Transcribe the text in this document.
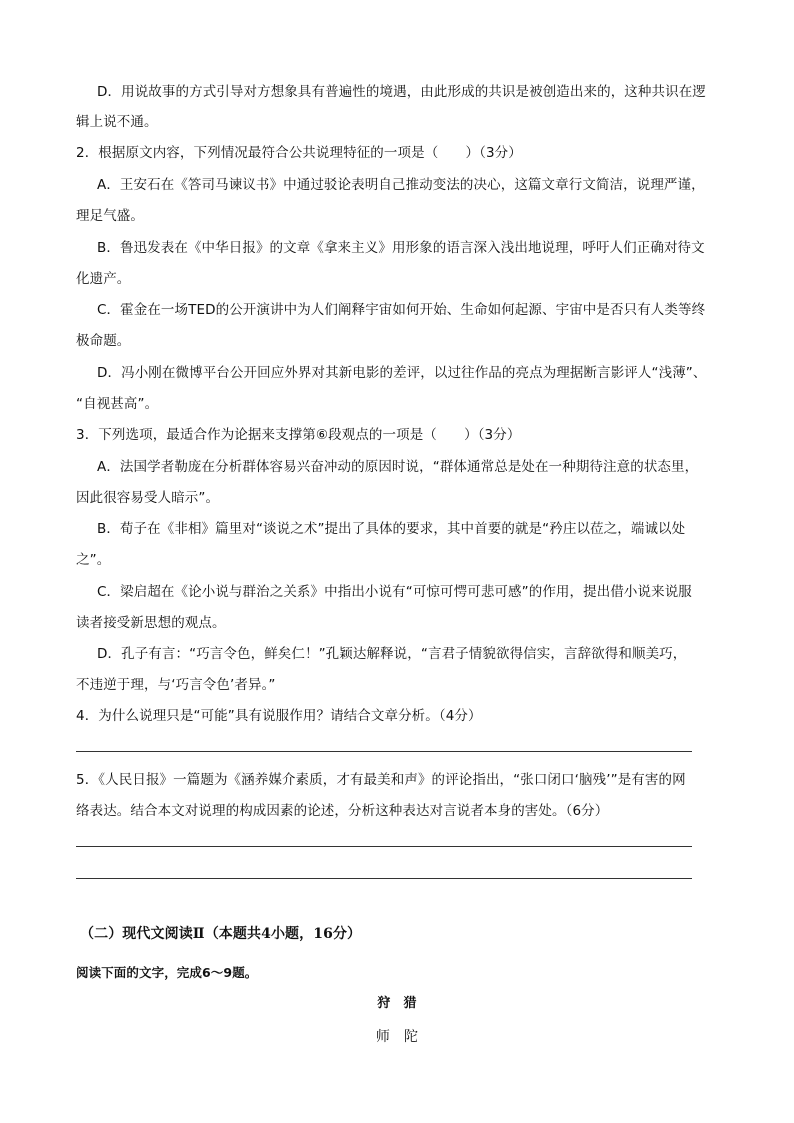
D．用说故事的方式引导对方想象具有普遍性的境遇，由此形成的共识是被创造出来的，这种共识在逻
辑上说不通。
2．根据原文内容，下列情况最符合公共说理特征的一项是（　　）（3分）
A．王安石在《答司马谏议书》中通过驳论表明自己推动变法的决心，这篇文章行文简洁，说理严谨，
理足气盛。
B．鲁迅发表在《中华日报》的文章《拿来主义》用形象的语言深入浅出地说理，呼吁人们正确对待文
化遗产。
C．霍金在一场TED的公开演讲中为人们阐释宇宙如何开始、生命如何起源、宇宙中是否只有人类等终
极命题。
D．冯小刚在微博平台公开回应外界对其新电影的差评，以过往作品的亮点为理据断言影评人“浅薄”、
“自视甚高”。
3．下列选项，最适合作为论据来支撑第⑥段观点的一项是（　　）（3分）
A．法国学者勒庞在分析群体容易兴奋冲动的原因时说，“群体通常总是处在一种期待注意的状态里，
因此很容易受人暗示”。
B．荀子在《非相》篇里对“谈说之术”提出了具体的要求，其中首要的就是“矜庄以莅之，端诚以处
之”。
C．梁启超在《论小说与群治之关系》中指出小说有“可惊可愕可悲可感”的作用，提出借小说来说服
读者接受新思想的观点。
D．孔子有言：“巧言令色，鲜矣仁！”孔颖达解释说，“言君子情貌欲得信实，言辞欲得和顺美巧，
不违逆于理，与‘巧言令色’者异。”
4．为什么说理只是“可能”具有说服作用？请结合文章分析。（4分）
5．《人民日报》一篇题为《涵养媒介素质，才有最美和声》的评论指出，“张口闭口‘脑残’”是有害的网
络表达。结合本文对说理的构成因素的论述，分析这种表达对言说者本身的害处。（6分）
（二）现代文阅读Ⅱ（本题共4小题，16分）
阅读下面的文字，完成6～9题。
狩　猎
师　陀
